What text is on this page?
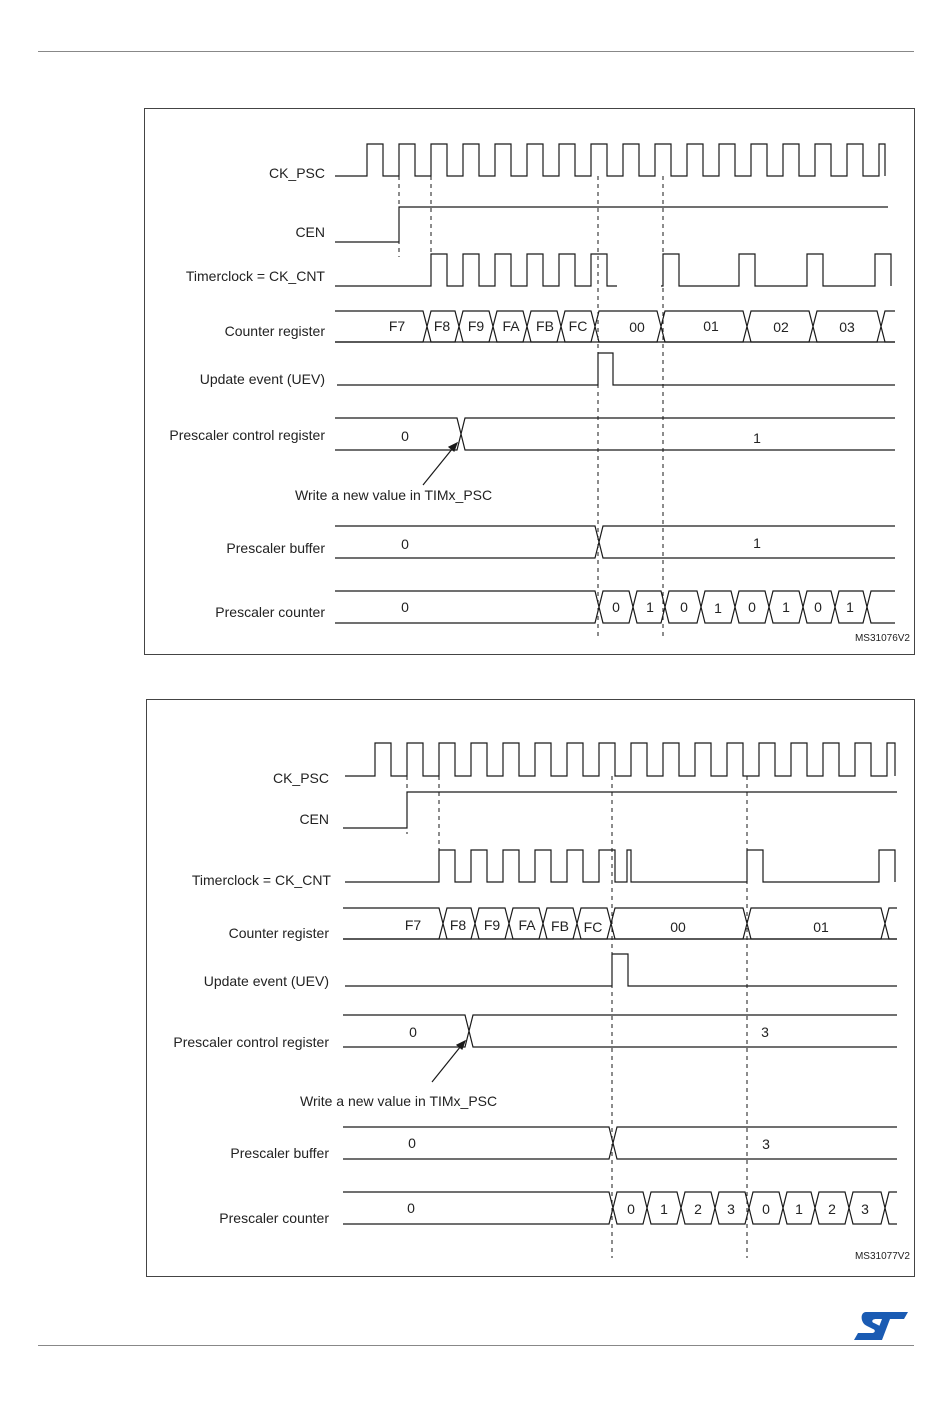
CK_PSC
CEN
Timerclock = CK_CNT
Counter register
Update event (UEV)
Prescaler control register
Prescaler buffer
Prescaler counter
F7 F8 F9 FA FB FC	00	01	02	03
0	1
0	1
0	0 1 0 1 0 1 0 1
Write a new value in TIMx_PSC
MS31076V2
CK_PSC
CEN
Timerclock = CK_CNT
Counter register
Update event (UEV)
Prescaler control register
Prescaler buffer
Prescaler counter
F7 F8 F9 FA FB FC	00	01
0	3
0	3
0	0 1 2 3 0 1 2 3
Write a new value in TIMx_PSC
MS31077V2
